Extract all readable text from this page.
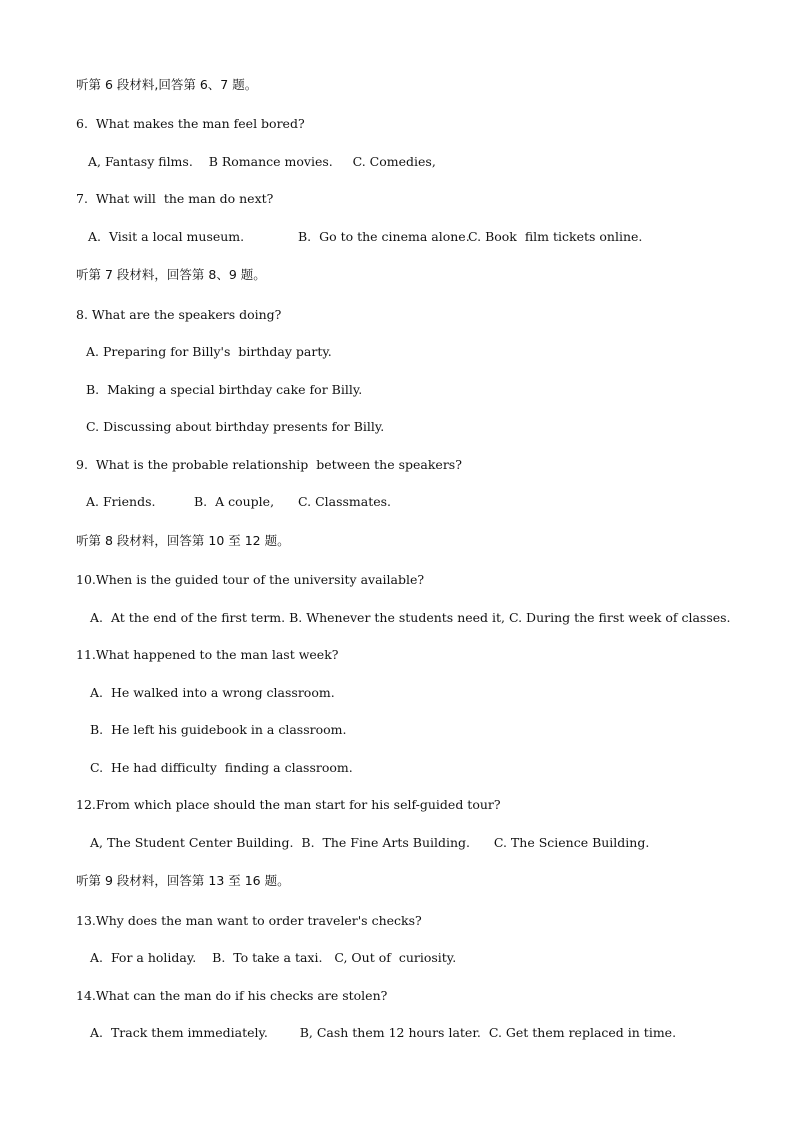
听第 6 段材料,回答第 6、7 题。
6.  What makes the man feel bored?
A, Fantasy films.    B Romance movies.     C. Comedies,
7.  What will  the man do next?
A.  Visit a local museum.	B.  Go to the cinema alone.
C. Book  film tickets online.
听第 7 段材料，回答第 8、9 题。
8. What are the speakers doing?
A. Preparing for Billy's  birthday party.
B.  Making a special birthday cake for Billy.
C. Discussing about birthday presents for Billy.
9.  What is the probable relationship  between the speakers?
A. Friends.	B.  A couple, C. Classmates.
听第 8 段材料，回答第 10 至 12 题。
10.When is the guided tour of the university available?
A.  At the end of the first term. B. Whenever the students need it, C. During the first week of classes.
11.What happened to the man last week?
A.  He walked into a wrong classroom.
B.  He left his guidebook in a classroom.
C.  He had difficulty  finding a classroom.
12.From which place should the man start for his self-guided tour?
A, The Student Center Building.  B.  The Fine Arts Building.      C. The Science Building.
听第 9 段材料，回答第 13 至 16 题。
13.Why does the man want to order traveler's checks?
A.  For a holiday.    B.  To take a taxi.   C, Out of  curiosity.
14.What can the man do if his checks are stolen?
A.  Track them immediately.        B, Cash them 12 hours later.  C. Get them replaced in time.
